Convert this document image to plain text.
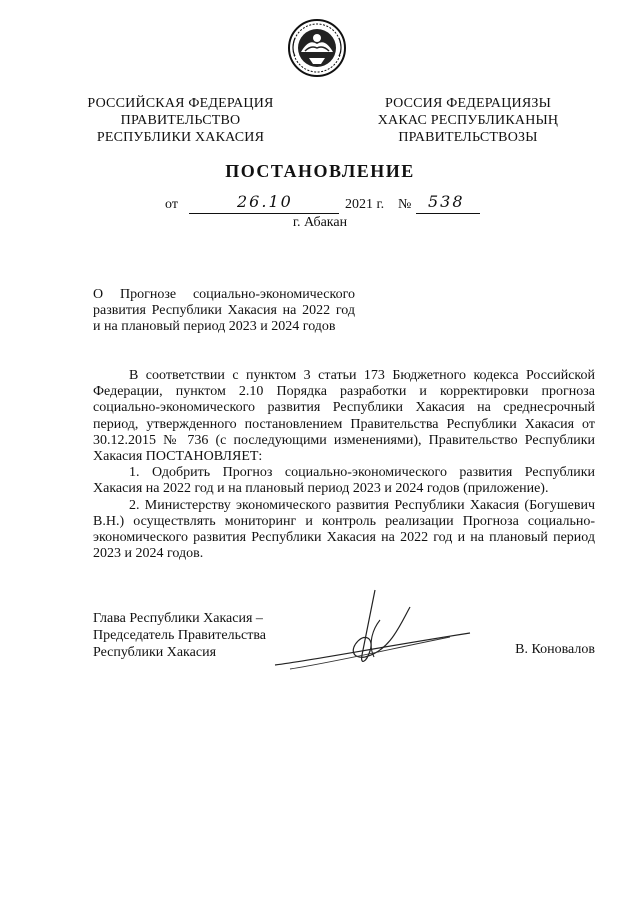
РОССИЙСКАЯ ФЕДЕРАЦИЯ
ПРАВИТЕЛЬСТВО
РЕСПУБЛИКИ ХАКАСИЯ
РОССИЯ ФЕДЕРАЦИЯЗЫ
ХАКАС РЕСПУБЛИКАНЫҢ
ПРАВИТЕЛЬСТВОЗЫ
ПОСТАНОВЛЕНИЕ
от	26.10	2021 г. № 538
г. Абакан
О Прогнозе социально-экономического
развития Республики Хакасия на 2022 год
и на плановый период 2023 и 2024 годов

В соответствии с пунктом 3 статьи 173 Бюджетного кодекса Российской Федерации, пунктом 2.10 Порядка разработки и корректировки прогноза социально-экономического развития Республики Хакасия на среднесрочный период, утвержденного постановлением Правительства Республики Хакасия от 30.12.2015 № 736 (с последующими изменениями), Правительство Республики Хакасия ПОСТАНОВЛЯЕТ:

1. Одобрить Прогноз социально-экономического развития Республики Хакасия на 2022 год и на плановый период 2023 и 2024 годов (приложение).

2. Министерству экономического развития Республики Хакасия (Богушевич В.Н.) осуществлять мониторинг и контроль реализации Прогноза социально-экономического развития Республики Хакасия на 2022 год и на плановый период 2023 и 2024 годов.

Глава Республики Хакасия –
Председатель Правительства
Республики Хакасия	В. Коновалов
